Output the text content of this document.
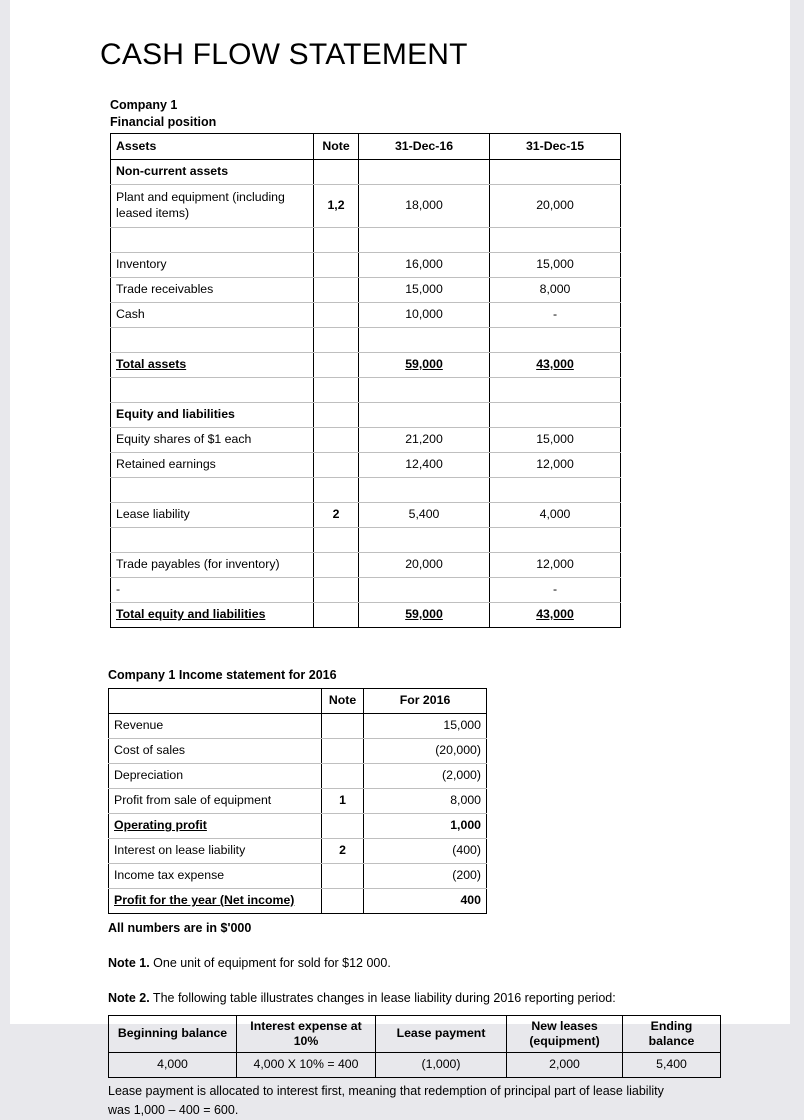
CASH FLOW STATEMENT
Company 1
Financial position
Assets	Note	31-Dec-16	31-Dec-15
Non-current assets			
Plant and equipment (including leased items)	1,2	18,000	20,000

Inventory		16,000	15,000
Trade receivables		15,000	8,000
Cash		10,000	-

Total assets		59,000	43,000

Equity and liabilities			
Equity shares of $1 each		21,200	15,000
Retained earnings		12,400	12,000

Lease liability	2	5,400	4,000

Trade payables (for inventory)		20,000	12,000
-			-
Total equity and liabilities		59,000	43,000
Company 1 Income statement for 2016
	Note	For 2016
Revenue		15,000
Cost of sales		(20,000)
Depreciation		(2,000)
Profit from sale of equipment	1	8,000
Operating profit		1,000
Interest on lease liability	2	(400)
Income tax expense		(200)
Profit for the year (Net income)		400
All numbers are in $'000
Note 1. One unit of equipment for sold for $12 000.
Note 2. The following table illustrates changes in lease liability during 2016 reporting period:
Beginning balance	Interest expense at 10%	Lease payment	New leases (equipment)	Ending balance
4,000	4,000 X 10% = 400	(1,000)	2,000	5,400
Lease payment is allocated to interest first, meaning that redemption of principal part of lease liability was 1,000 – 400 = 600.
